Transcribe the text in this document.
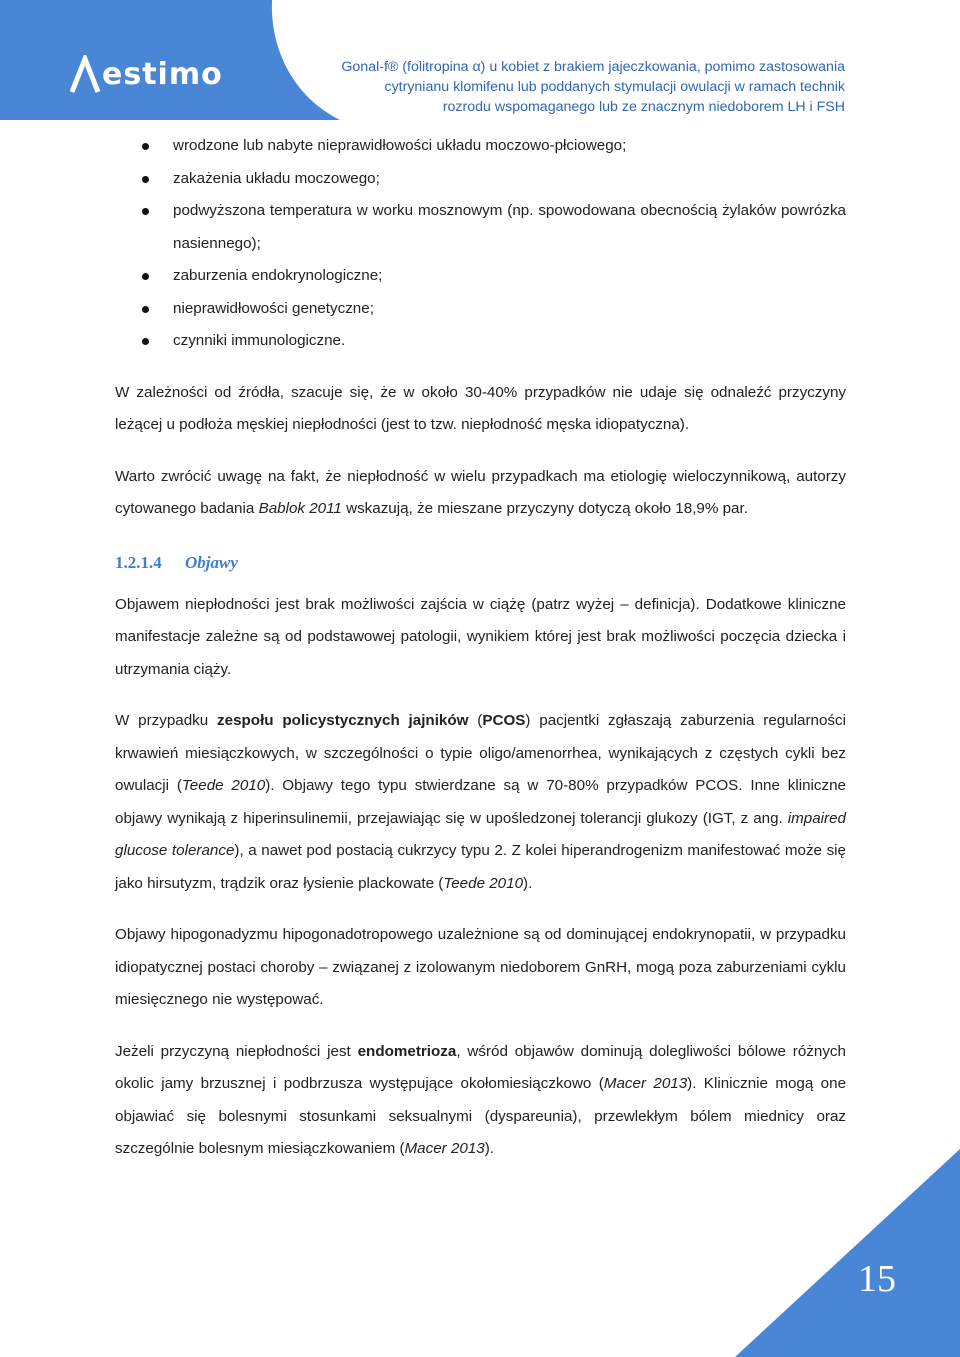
estimo	Gonal-f® (folitropina α) u kobiet z brakiem jajeczkowania, pomimo zastosowania
cytrynianu klomifenu lub poddanych stymulacji owulacji w ramach technik
rozrodu wspomaganego lub ze znacznym niedoborem LH i FSH
wrodzone lub nabyte nieprawidłowości układu moczowo-płciowego;
zakażenia układu moczowego;
podwyższona temperatura w worku mosznowym (np. spowodowana obecnością żylaków powrózka nasiennego);
zaburzenia endokrynologiczne;
nieprawidłowości genetyczne;
czynniki immunologiczne.

W zależności od źródła, szacuje się, że w około 30-40% przypadków nie udaje się odnaleźć przyczyny leżącej u podłoża męskiej niepłodności (jest to tzw. niepłodność męska idiopatyczna).

Warto zwrócić uwagę na fakt, że niepłodność w wielu przypadkach ma etiologię wieloczynnikową, autorzy cytowanego badania Bablok 2011 wskazują, że mieszane przyczyny dotyczą około 18,9% par.

1.2.1.4 Objawy

Objawem niepłodności jest brak możliwości zajścia w ciążę (patrz wyżej – definicja). Dodatkowe kliniczne manifestacje zależne są od podstawowej patologii, wynikiem której jest brak możliwości poczęcia dziecka i utrzymania ciąży.

W przypadku zespołu policystycznych jajników (PCOS) pacjentki zgłaszają zaburzenia regularności krwawień miesiączkowych, w szczególności o typie oligo/amenorrhea, wynikających z częstych cykli bez owulacji (Teede 2010). Objawy tego typu stwierdzane są w 70-80% przypadków PCOS. Inne kliniczne objawy wynikają z hiperinsulinemii, przejawiając się w upośledzonej tolerancji glukozy (IGT, z ang. impaired glucose tolerance), a nawet pod postacią cukrzycy typu 2. Z kolei hiperandrogenizm manifestować może się jako hirsutyzm, trądzik oraz łysienie plackowate (Teede 2010).

Objawy hipogonadyzmu hipogonadotropowego uzależnione są od dominującej endokrynopatii, w przypadku idiopatycznej postaci choroby – związanej z izolowanym niedoborem GnRH, mogą poza zaburzeniami cyklu miesięcznego nie występować.

Jeżeli przyczyną niepłodności jest endometrioza, wśród objawów dominują dolegliwości bólowe różnych okolic jamy brzusznej i podbrzusza występujące okołomiesiączkowo (Macer 2013). Klinicznie mogą one objawiać się bolesnymi stosunkami seksualnymi (dyspareunia), przewlekłym bólem miednicy oraz szczególnie bolesnym miesiączkowaniem (Macer 2013).

15
